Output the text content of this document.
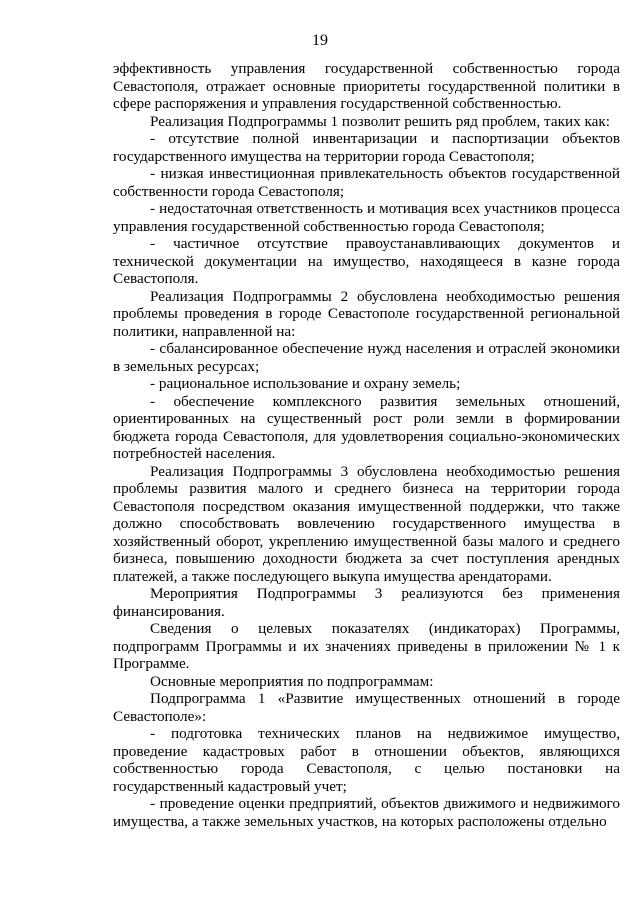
19

эффективность управления государственной собственностью города Севастополя, отражает основные приоритеты государственной политики в сфере распоряжения и управления государственной собственностью.

Реализация Подпрограммы 1 позволит решить ряд проблем, таких как:

- отсутствие полной инвентаризации и паспортизации объектов государственного имущества на территории города Севастополя;

- низкая инвестиционная привлекательность объектов государственной собственности города Севастополя;

- недостаточная ответственность и мотивация всех участников процесса управления государственной собственностью города Севастополя;

- частичное отсутствие правоустанавливающих документов и технической документации на имущество, находящееся в казне города Севастополя.

Реализация Подпрограммы 2 обусловлена необходимостью решения проблемы проведения в городе Севастополе государственной региональной политики, направленной на:

- сбалансированное обеспечение нужд населения и отраслей экономики в земельных ресурсах;

- рациональное использование и охрану земель;

- обеспечение комплексного развития земельных отношений, ориентированных на существенный рост роли земли в формировании бюджета города Севастополя, для удовлетворения социально-экономических потребностей населения.

Реализация Подпрограммы 3 обусловлена необходимостью решения проблемы развития малого и среднего бизнеса на территории города Севастополя посредством оказания имущественной поддержки, что также должно способствовать вовлечению государственного имущества в хозяйственный оборот, укреплению имущественной базы малого и среднего бизнеса, повышению доходности бюджета за счет поступления арендных платежей, а также последующего выкупа имущества арендаторами.

Мероприятия Подпрограммы 3 реализуются без применения финансирования.

Сведения о целевых показателях (индикаторах) Программы, подпрограмм Программы и их значениях приведены в приложении № 1 к Программе.

Основные мероприятия по подпрограммам:

Подпрограмма 1 «Развитие имущественных отношений в городе Севастополе»:

- подготовка технических планов на недвижимое имущество, проведение кадастровых работ в отношении объектов, являющихся собственностью города Севастополя, с целью постановки на государственный кадастровый учет;

- проведение оценки предприятий, объектов движимого и недвижимого имущества, а также земельных участков, на которых расположены отдельно
